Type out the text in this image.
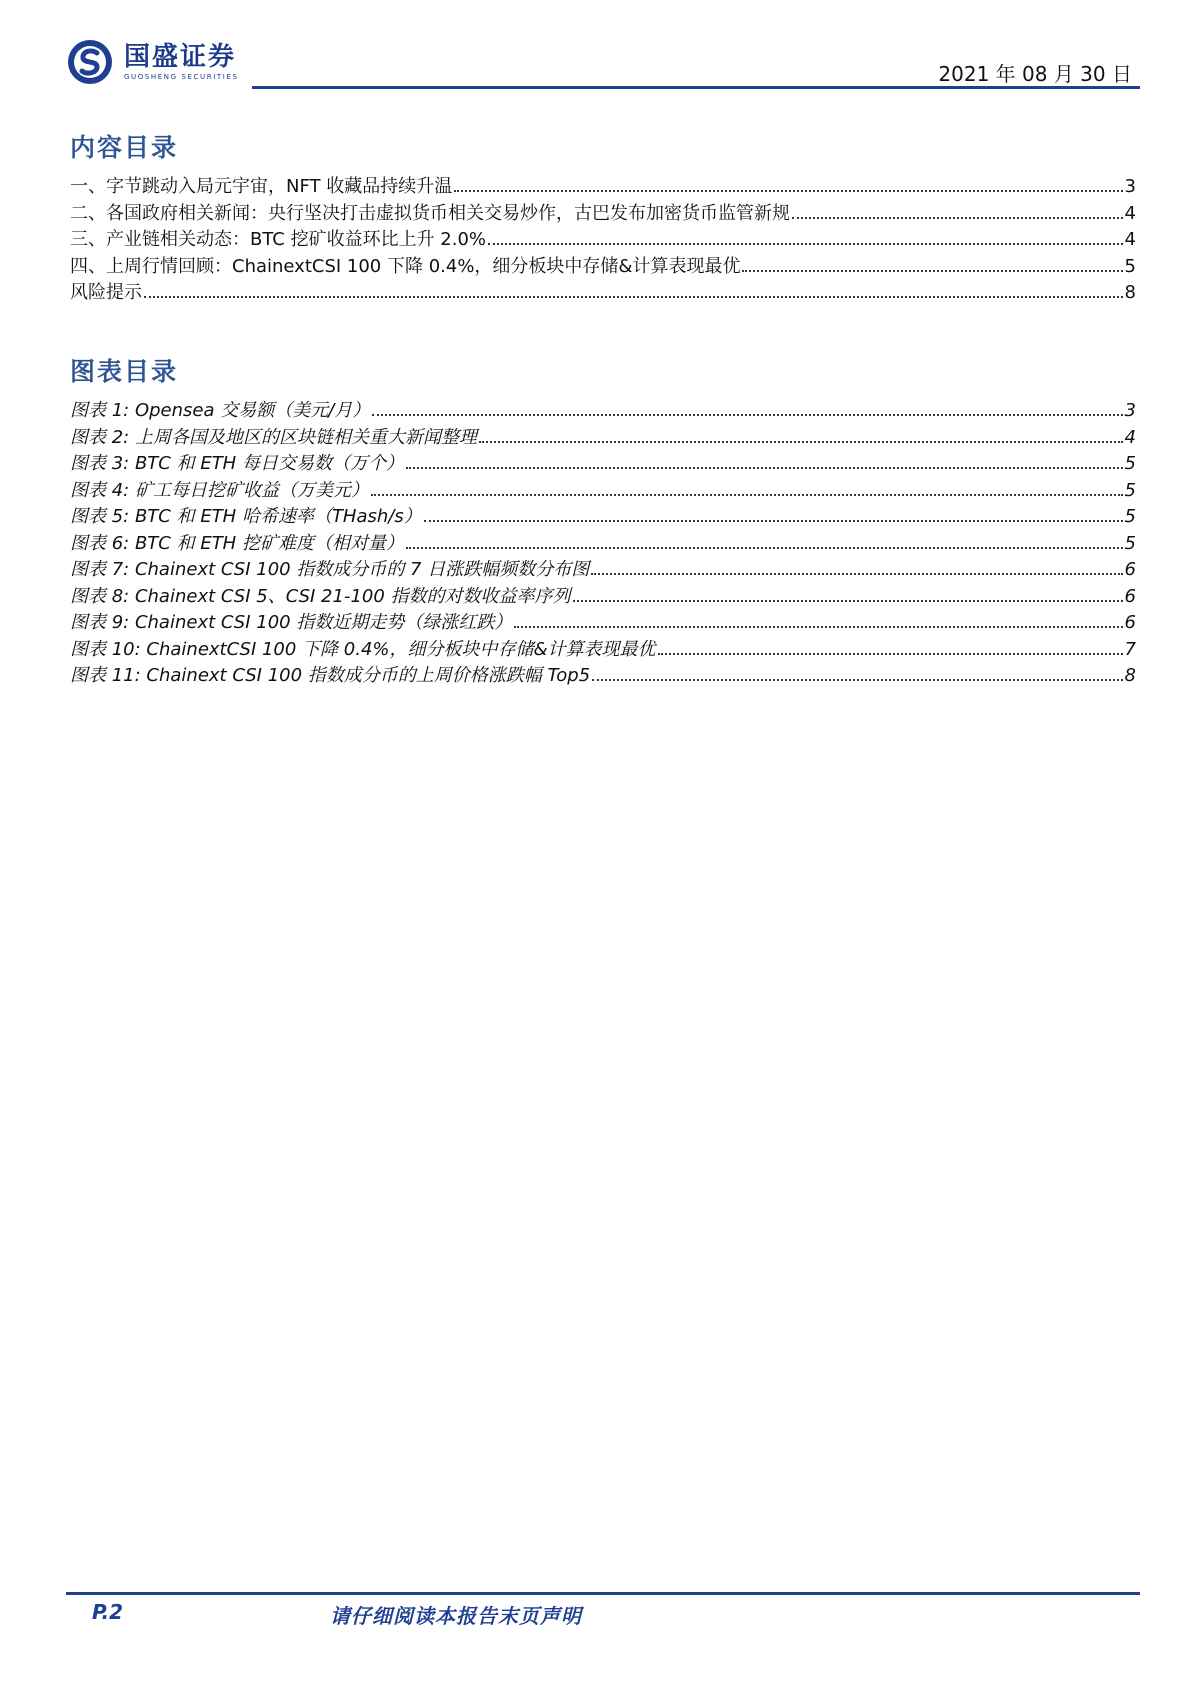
国盛证券
GUOSHENG SECURITIES	2021 年 08 月 30 日
内容目录
一、字节跳动入局元宇宙，NFT 收藏品持续升温	3
二、各国政府相关新闻：央行坚决打击虚拟货币相关交易炒作，古巴发布加密货币监管新规	4
三、产业链相关动态：BTC 挖矿收益环比上升 2.0%	4
四、上周行情回顾：ChainextCSI 100 下降 0.4%，细分板块中存储&计算表现最优	5
风险提示	8
图表目录
图表 1: Opensea 交易额（美元/月）	3
图表 2: 上周各国及地区的区块链相关重大新闻整理	4
图表 3: BTC 和 ETH 每日交易数（万个）	5
图表 4: 矿工每日挖矿收益（万美元）	5
图表 5: BTC 和 ETH 哈希速率（THash/s）	5
图表 6: BTC 和 ETH 挖矿难度（相对量）	5
图表 7: Chainext CSI 100 指数成分币的 7 日涨跌幅频数分布图	6
图表 8: Chainext CSI 5、CSI 21-100 指数的对数收益率序列	6
图表 9: Chainext CSI 100 指数近期走势（绿涨红跌）	6
图表 10: ChainextCSI 100 下降 0.4%，细分板块中存储&计算表现最优	7
图表 11: Chainext CSI 100 指数成分币的上周价格涨跌幅 Top5	8
P.2	请仔细阅读本报告末页声明
